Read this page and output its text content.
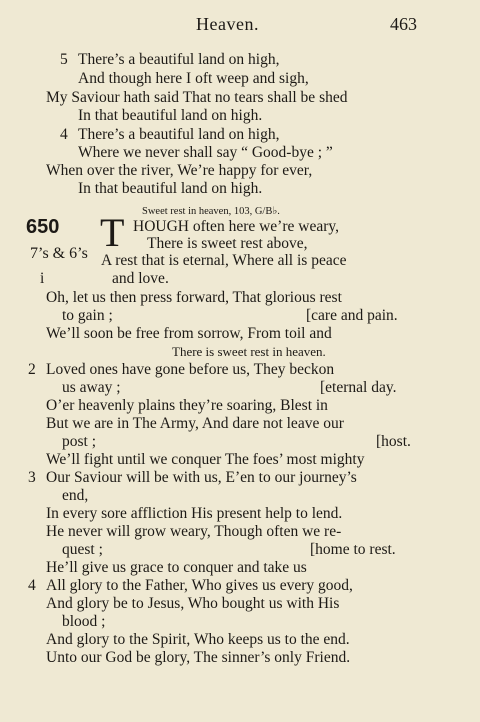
Heaven.	463
5 There’s a beautiful land on high,
And though here I oft weep and sigh,
My Saviour hath said That no tears shall be shed
In that beautiful land on high.
4 There’s a beautiful land on high,
Where we never shall say “ Good-bye ; ”
When over the river, We’re happy for ever,
In that beautiful land on high.
Sweet rest in heaven, 103, G/B♭.
650 T HOUGH often here we’re weary,
There is sweet rest above,
7’s & 6’s A rest that is eternal, Where all is peace
i	and love.
Oh, let us then press forward, That glorious rest
to gain ;	[care and pain.
We’ll soon be free from sorrow, From toil and
There is sweet rest in heaven.
2 Loved ones have gone before us, They beckon
us away ;	[eternal day.
O’er heavenly plains they’re soaring, Blest in
But we are in The Army, And dare not leave our
post ;	[host.
We’ll fight until we conquer The foes’ most mighty
3 Our Saviour will be with us, E’en to our journey’s
end,
In every sore affliction His present help to lend.
He never will grow weary, Though often we re-
quest ;	[home to rest.
He’ll give us grace to conquer and take us
4 All glory to the Father, Who gives us every good,
And glory be to Jesus, Who bought us with His
blood ;
And glory to the Spirit, Who keeps us to the end.
Unto our God be glory, The sinner’s only Friend.
